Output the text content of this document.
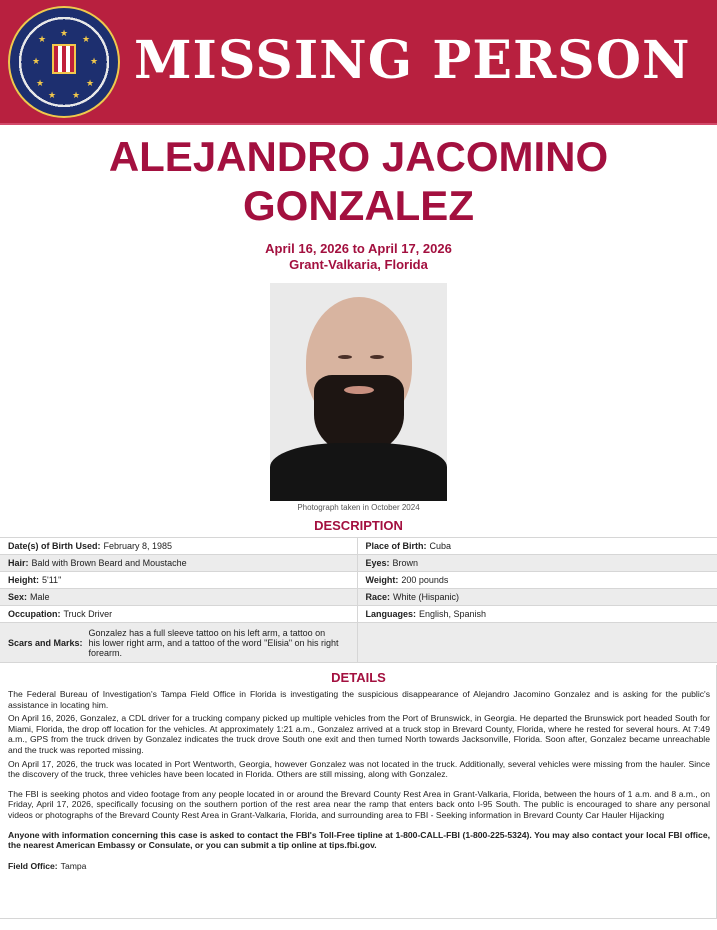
★
★
★
★	★
★	★
★ ★
MISSING PERSON
ALEJANDRO JACOMINO
GONZALEZ
April 16, 2026 to April 17, 2026
Grant-Valkaria, Florida
Photograph taken in October 2024
DESCRIPTION
Date(s) of Birth Used: February 8, 1985	Place of Birth: Cuba
Hair: Bald with Brown Beard and Moustache	Eyes: Brown
Height: 5'11"	Weight: 200 pounds
Sex: Male	Race: White (Hispanic)
Occupation: Truck Driver	Languages: English, Spanish

Scars and Marks:
Gonzalez has a full sleeve tattoo on his left arm, a tattoo on his lower right arm, and a tattoo of the word "Elisia" on his right forearm.	

DETAILS

The Federal Bureau of Investigation's Tampa Field Office in Florida is investigating the suspicious disappearance of Alejandro Jacomino Gonzalez and is asking for the public's assistance in locating him.

On April 16, 2026, Gonzalez, a CDL driver for a trucking company picked up multiple vehicles from the Port of Brunswick, in Georgia. He departed the Brunswick port headed South for Miami, Florida, the drop off location for the vehicles. At approximately 1:21 a.m., Gonzalez arrived at a truck stop in Brevard County, Florida, where he rested for several hours. At 7:49 a.m., GPS from the truck driven by Gonzalez indicates the truck drove South one exit and then turned North towards Jacksonville, Florida. Soon after, Gonzalez became unreachable and the truck was reported missing.

On April 17, 2026, the truck was located in Port Wentworth, Georgia, however Gonzalez was not located in the truck. Additionally, several vehicles were missing from the hauler. Since the discovery of the truck, three vehicles have been located in Florida. Others are still missing, along with Gonzalez.

The FBI is seeking photos and video footage from any people located in or around the Brevard County Rest Area in Grant-Valkaria, Florida, between the hours of 1 a.m. and 8 a.m., on Friday, April 17, 2026, specifically focusing on the southern portion of the rest area near the ramp that enters back onto I-95 South. The public is encouraged to share any personal videos or photographs of the Brevard County Rest Area in Grant-Valkaria, Florida, and surrounding area to FBI - Seeking information in Brevard County Car Hauler Hijacking

Anyone with information concerning this case is asked to contact the FBI's Toll-Free tipline at 1-800-CALL-FBI (1-800-225-5324). You may also contact your local FBI office, the nearest American Embassy or Consulate, or you can submit a tip online at tips.fbi.gov.

Field Office: Tampa
